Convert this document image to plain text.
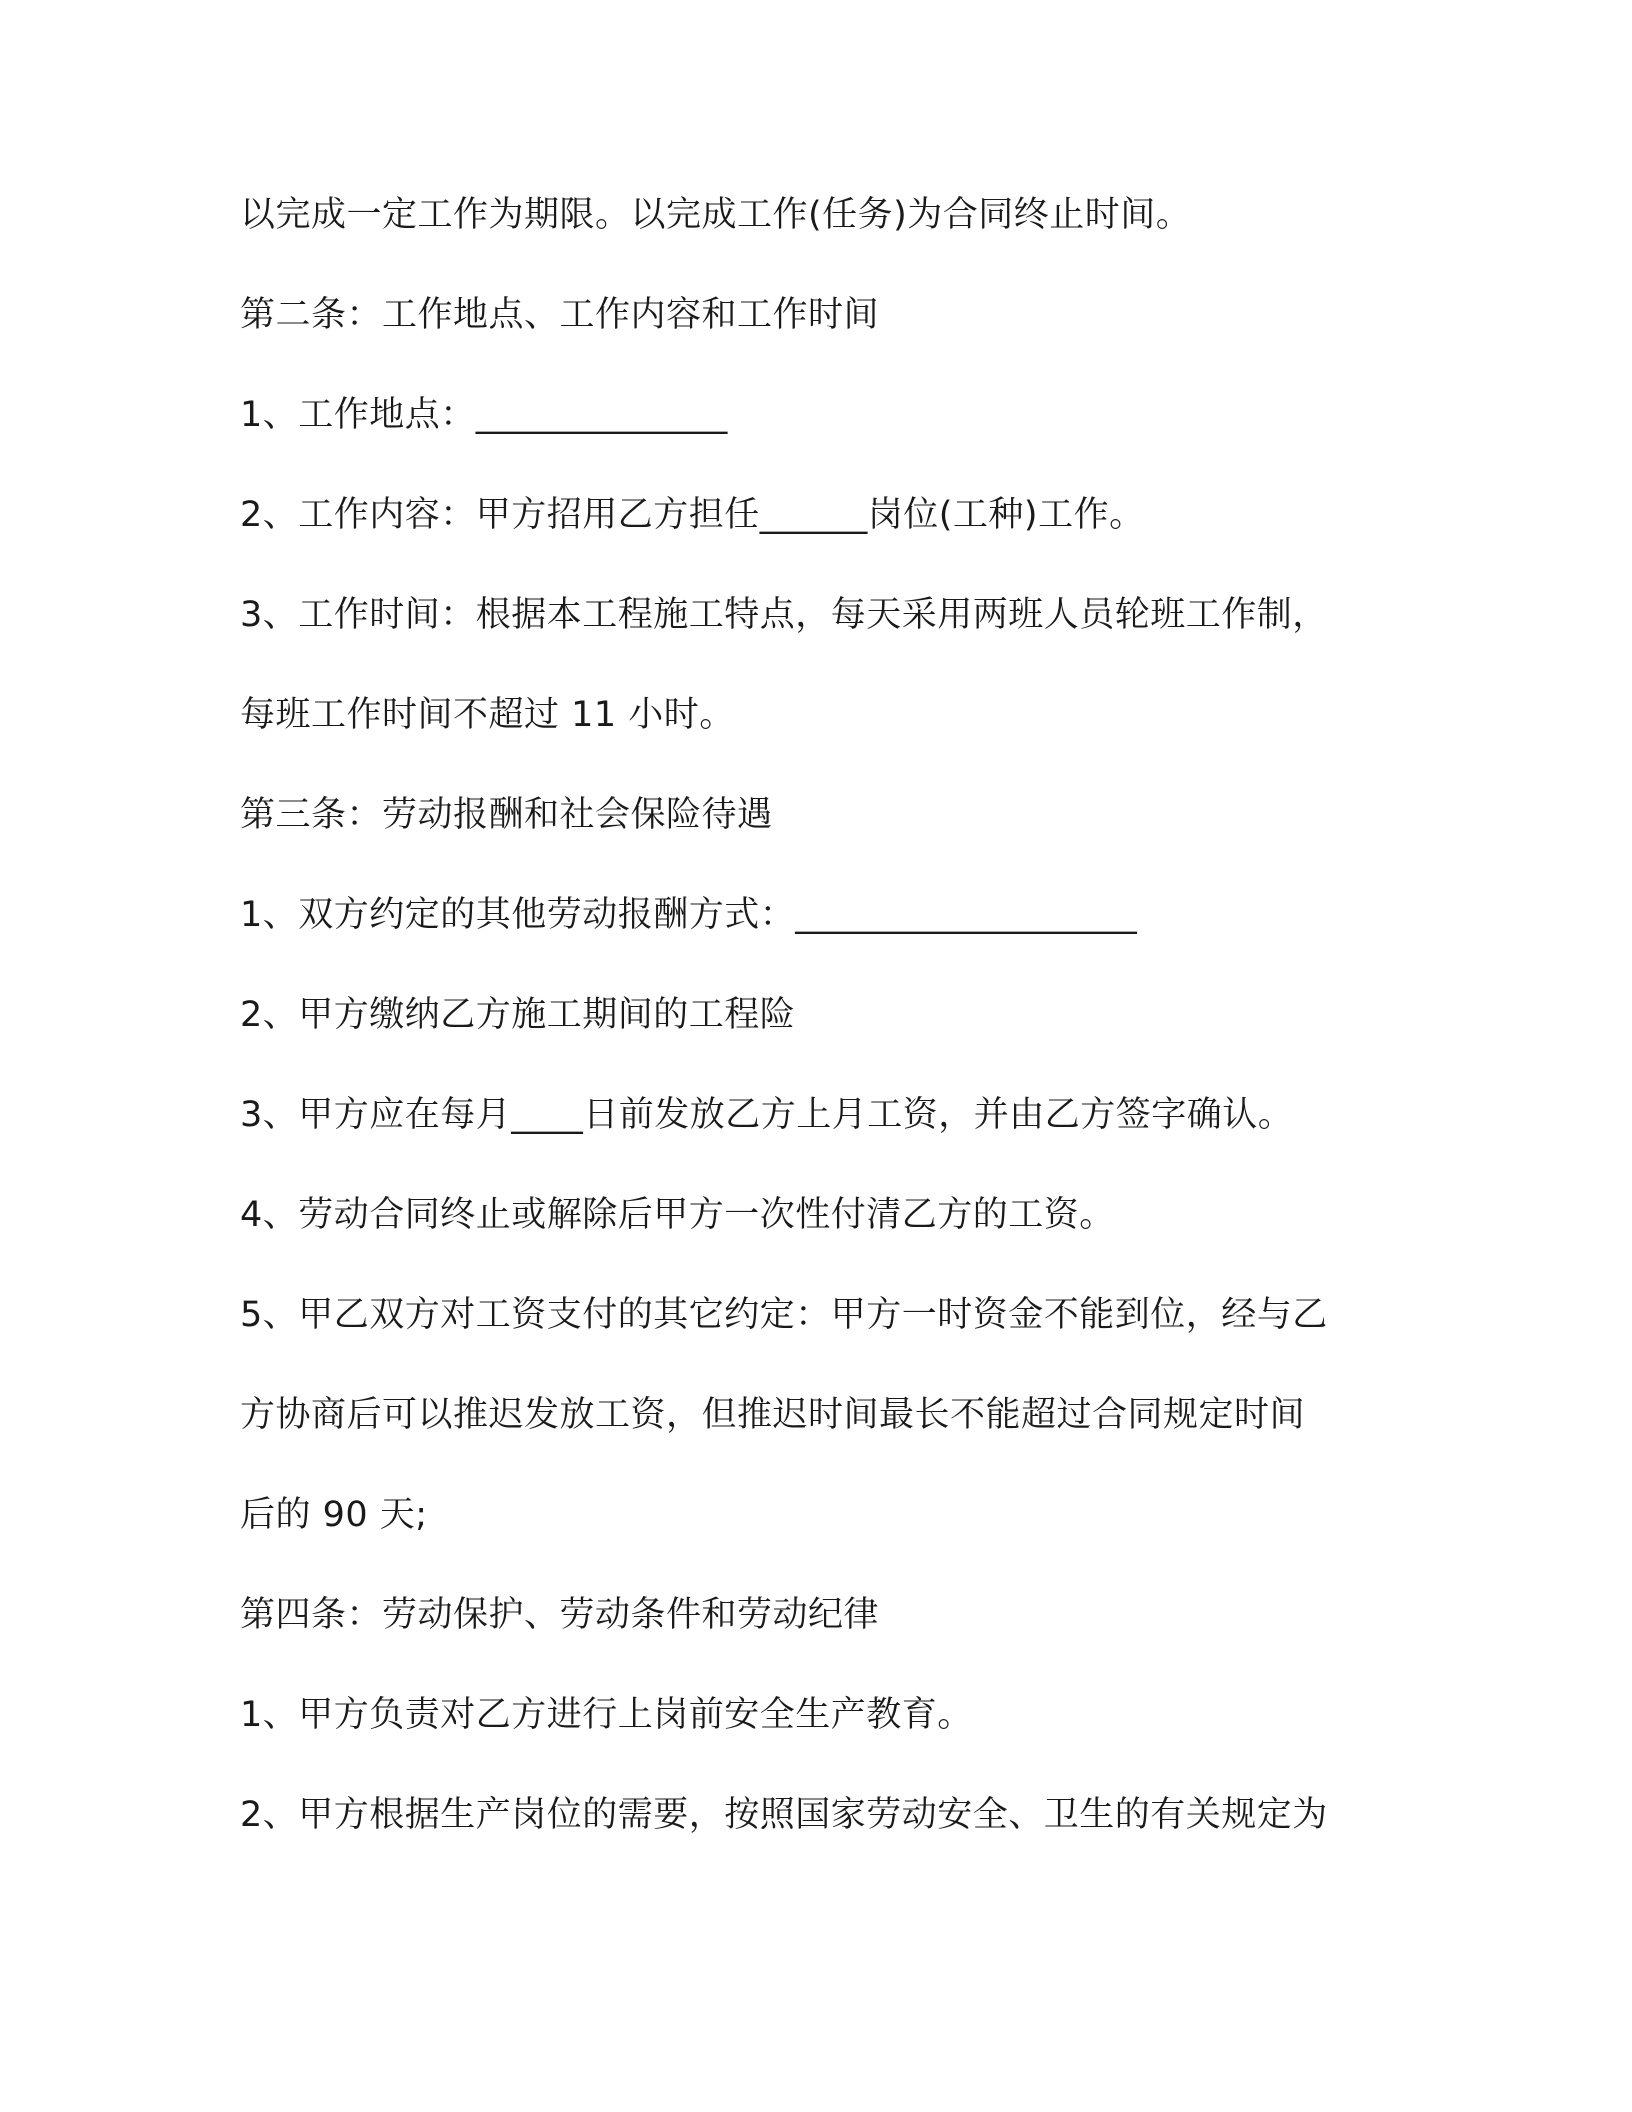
以完成一定工作为期限。以完成工作(任务)为合同终止时间。
第二条：工作地点、工作内容和工作时间
1、工作地点：______________
2、工作内容：甲方招用乙方担任______岗位(工种)工作。
3、工作时间：根据本工程施工特点，每天采用两班人员轮班工作制，
每班工作时间不超过 11 小时。
第三条：劳动报酬和社会保险待遇
1、双方约定的其他劳动报酬方式：___________________
2、甲方缴纳乙方施工期间的工程险
3、甲方应在每月____日前发放乙方上月工资，并由乙方签字确认。
4、劳动合同终止或解除后甲方一次性付清乙方的工资。
5、甲乙双方对工资支付的其它约定：甲方一时资金不能到位，经与乙
方协商后可以推迟发放工资，但推迟时间最长不能超过合同规定时间
后的 90 天;
第四条：劳动保护、劳动条件和劳动纪律
1、甲方负责对乙方进行上岗前安全生产教育。
2、甲方根据生产岗位的需要，按照国家劳动安全、卫生的有关规定为
